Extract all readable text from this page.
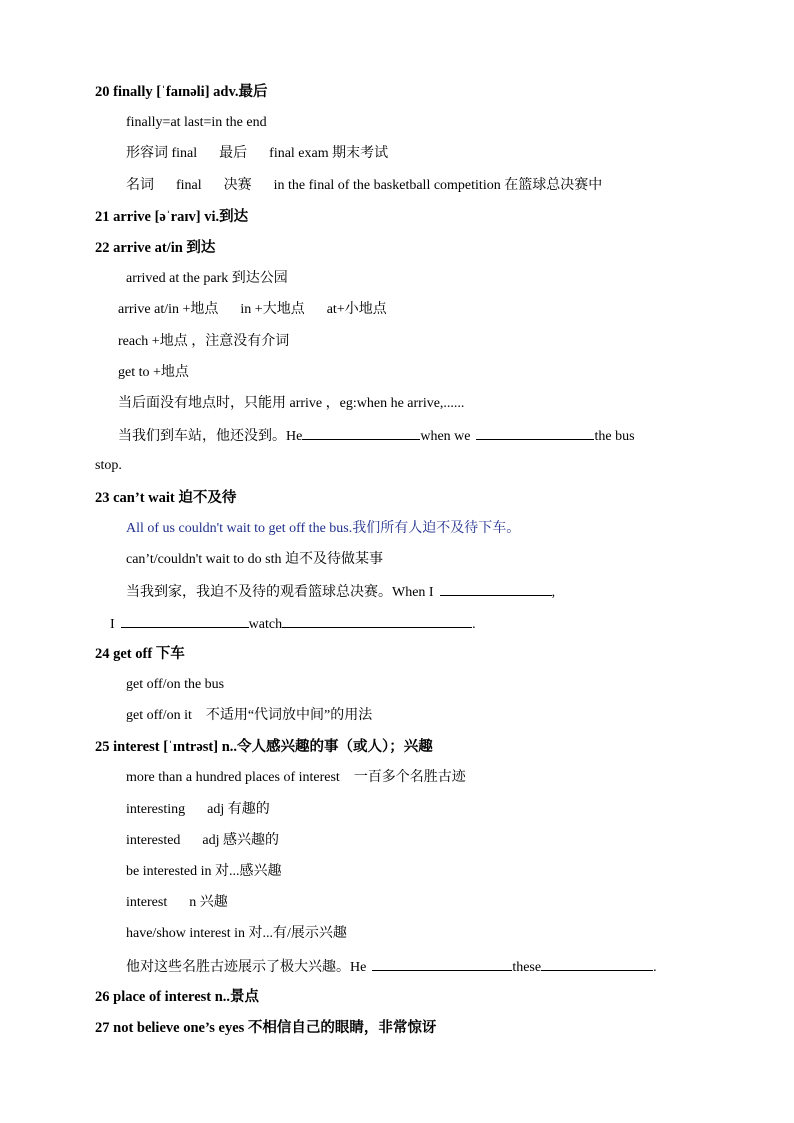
20 finally [ˈfaɪnəli] adv.最后
finally=at last=in the end
形容词 final 最后 final exam 期末考试
名词 final 决赛 in the final of the basketball competition 在篮球总决赛中
21 arrive [əˈraɪv] vi.到达
22 arrive at/in 到达
arrived at the park 到达公园
arrive at/in +地点 in +大地点 at+小地点
reach +地点 ，注意没有介词
get to +地点
当后面没有地点时，只能用 arrive ，eg:when he arrive,......
当我们到车站，他还没到。He	when we	the bus
stop.
23 can’t wait 迫不及待
All of us couldn't wait to get off the bus.我们所有人迫不及待下车。
can’t/couldn't wait to do sth 迫不及待做某事
当我到家，我迫不及待的观看篮球总决赛。When I	,
I	watch	.
24 get off 下车
get off/on the bus
get off/on it 不适用“代词放中间”的用法
25 interest [ˈɪntrəst] n..令人感兴趣的事（或人）；兴趣
more than a hundred places of interest 一百多个名胜古迹
interesting adj 有趣的
interested adj 感兴趣的
be interested in 对...感兴趣
interest n 兴趣
have/show interest in 对...有/展示兴趣
他对这些名胜古迹展示了极大兴趣。He	these	.
26 place of interest n..景点
27 not believe one’s eyes 不相信自己的眼睛，非常惊讶
